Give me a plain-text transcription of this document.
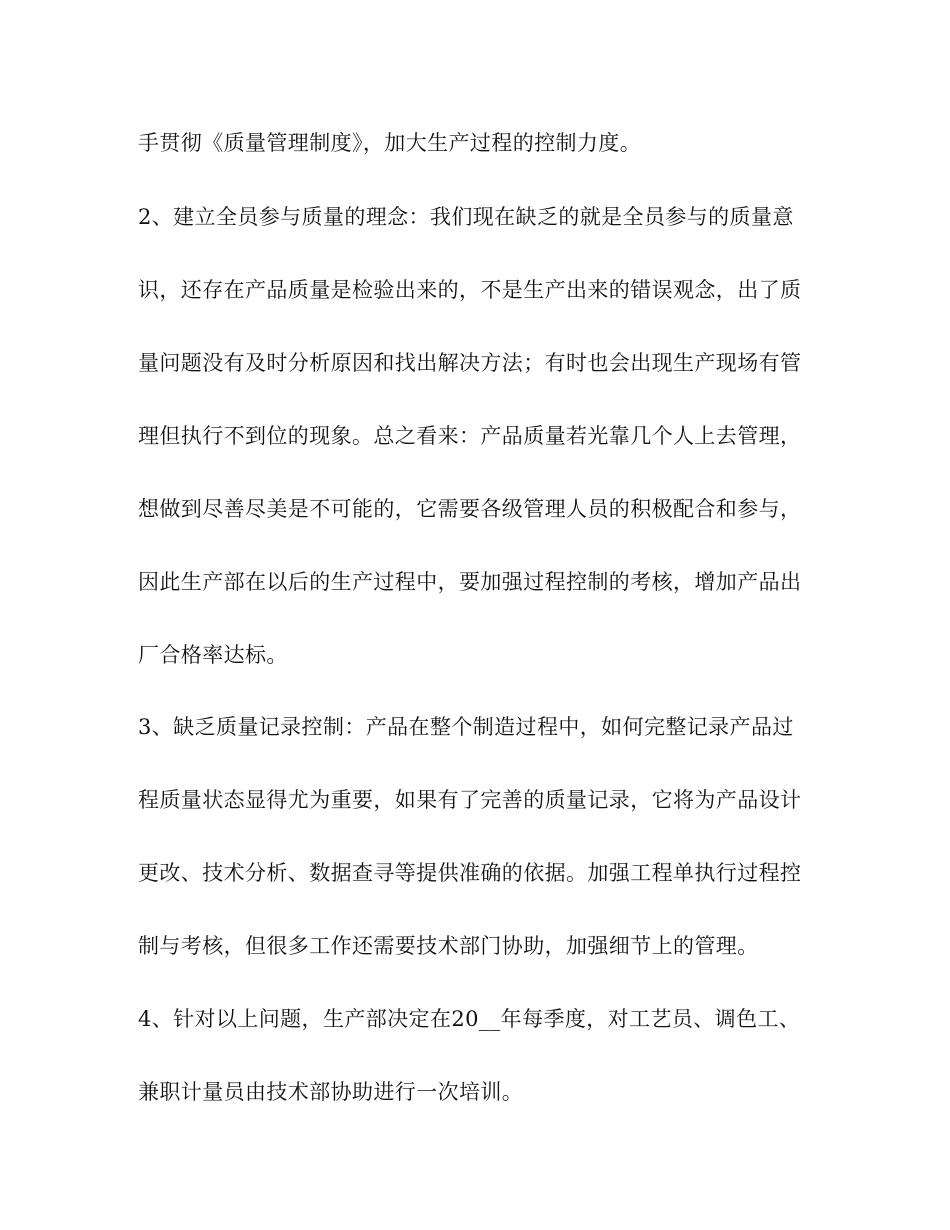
手贯彻《质量管理制度》，加大生产过程的控制力度。
2、建立全员参与质量的理念：我们现在缺乏的就是全员参与的质量意
识，还存在产品质量是检验出来的，不是生产出来的错误观念，出了质
量问题没有及时分析原因和找出解决方法；有时也会出现生产现场有管
理但执行不到位的现象。总之看来：产品质量若光靠几个人上去管理，
想做到尽善尽美是不可能的，它需要各级管理人员的积极配合和参与，
因此生产部在以后的生产过程中，要加强过程控制的考核，增加产品出
厂合格率达标。
3、缺乏质量记录控制：产品在整个制造过程中，如何完整记录产品过
程质量状态显得尤为重要，如果有了完善的质量记录，它将为产品设计
更改、技术分析、数据查寻等提供准确的依据。加强工程单执行过程控
制与考核，但很多工作还需要技术部门协助，加强细节上的管理。
4、针对以上问题，生产部决定在20__年每季度，对工艺员、调色工、
兼职计量员由技术部协助进行一次培训。
